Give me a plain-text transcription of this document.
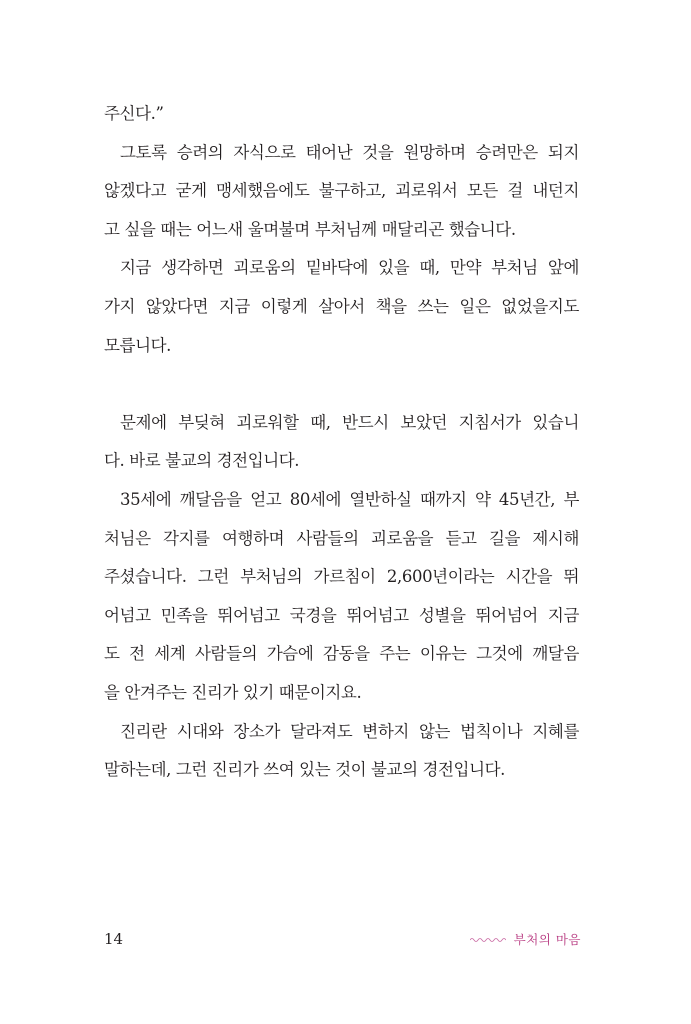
주신다.”
그토록 승려의 자식으로 태어난 것을 원망하며 승려만은 되지
않겠다고 굳게 맹세했음에도 불구하고, 괴로워서 모든 걸 내던지
고 싶을 때는 어느새 울며불며 부처님께 매달리곤 했습니다.
지금 생각하면 괴로움의 밑바닥에 있을 때, 만약 부처님 앞에
가지 않았다면 지금 이렇게 살아서 책을 쓰는 일은 없었을지도
모릅니다.
문제에 부딪혀 괴로워할 때, 반드시 보았던 지침서가 있습니
다. 바로 불교의 경전입니다.
35세에 깨달음을 얻고 80세에 열반하실 때까지 약 45년간, 부
처님은 각지를 여행하며 사람들의 괴로움을 듣고 길을 제시해
주셨습니다. 그런 부처님의 가르침이 2,600년이라는 시간을 뛰
어넘고 민족을 뛰어넘고 국경을 뛰어넘고 성별을 뛰어넘어 지금
도 전 세계 사람들의 가슴에 감동을 주는 이유는 그것에 깨달음
을 안겨주는 진리가 있기 때문이지요.
진리란 시대와 장소가 달라져도 변하지 않는 법칙이나 지혜를
말하는데, 그런 진리가 쓰여 있는 것이 불교의 경전입니다.
14	부처의 마음
